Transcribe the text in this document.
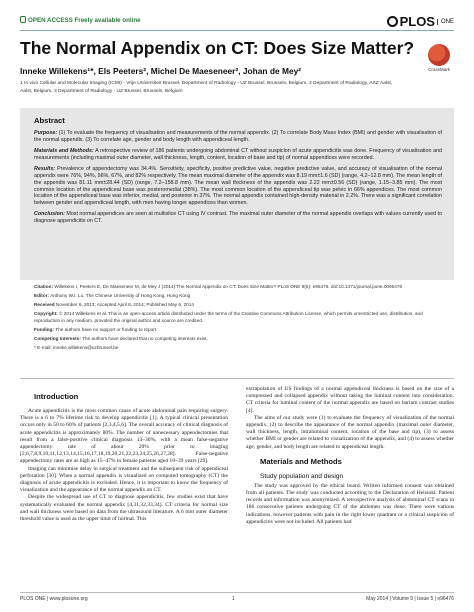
OPEN ACCESS Freely available online	PLOS $^{ONE}$
The Normal Appendix on CT: Does Size Matter?
CrossMark
Inneke Willekens¹*, Els Peeters², Michel De Maeseneer², Johan de Mey²
1 In vivo Cellular and Molecular Imaging (ICMI) - Vrije Universiteit Brussel, Department of Radiology - UZ Brussel, Brussels, Belgium, 2 Department of Radiology, ASZ Aalst,
Aalst, Belgium, 3 Department of Radiology - UZ Brussel, Brussels, Belgium
Abstract

Purpose: (1) To evaluate the frequency of visualisation and measurements of the normal appendix. (2) To correlate Body Mass Index (BMI) and gender with visualisation of the normal appendix. (3) To correlate age, gender and body length with appendiceal length.

Materials and Methods: A retrospective review of 186 patients undergoing abdominal CT without suspicion of acute appendicitis was done. Frequency of visualisation and measurements (including maximal outer diameter, wall thickness, length, content, location of base and tip) of normal appendices were recorded.

Results: Prevalence of appendectomy was 34.4%. Sensitivity, specificity, positive predictive value, negative predictive value, and accuracy of visualisation of the normal appendix were 76%, 94%, 96%, 67%, and 82% respectively. The mean maximal diameter of the appendix was 8.19 mm±1.6 (SD) (range, 4.2–12.8 mm). The mean length of the appendix was 81.11 mm±28.44 (SD) (range, 7.2–158.8 mm). The mean wall thickness of the appendix was 2.22 mm±0.56 (SD) (range, 1.15–3.85 mm). The most common location of the appendiceal base was posteromedial (38%). The most common location of the appendiceal tip was pelvic in 66% appendices. The most common location of the appendiceal base was inferior, medial, and posterior in 37%. The normal appendix contained high-density material in 2.2%. There was a significant correlation between gender and appendiceal length, with men having longer appendices than women.

Conclusion: Most normal appendices are seen at multislice CT using IV contrast. The maximal outer diameter of the normal appendix overlaps with values currently used to diagnose appendicitis on CT.

Citation: Willekens I, Peeters E, De Maeseneer M, de Mey J (2014) The Normal Appendix on CT: Does Size Matter? PLoS ONE 9(5): e96476. doi:10.1371/journal.pone.0096476

Editor: Anthony W.I. Lo, The Chinese University of Hong Kong, Hong Kong

Received November 6, 2013; Accepted April 8, 2014; Published May 6, 2014

Copyright: © 2014 Willekens et al. This is an open-access article distributed under the terms of the Creative Commons Attribution License, which permits unrestricted use, distribution, and reproduction in any medium, provided the original author and source are credited.

Funding: The authors have no support or funding to report.

Competing Interests: The authors have declared that no competing interests exist.

* E-mail: inneke.willekens@uzbrussel.be

Introduction

Acute appendicitis is the most common cause of acute abdominal pain requiring surgery. There is a 6 to 7% lifetime risk to develop appendicitis [1]. A typical clinical presentation occurs only in 50 to 60% of patients [2,3,4,5,6]. The overall accuracy of clinical diagnosis of acute appendicitis is approximately 80%. The number of unnecessary appendectomies that result from a false-positive clinical diagnosis 13–30%, with a mean false-negative appendectomy rate of about 20% prior to imaging [2,6,7,8,9,10,11,12,13,14,15,16,17,18,19,20,21,22,23,24,25,26,27,28]. False-negative appendectomy rates are as high as 15–47% in female patients aged 10–39 years [29].

Imaging can minimise delay in surgical treatment and the subsequent risk of appendiceal perforation [30]. When a normal appendix is visualized on computed tomography (CT) the diagnosis of acute appendicitis is excluded. Hence, it is important to know the frequency of visualization and the appearance of the normal appendix on CT.

Despite the widespread use of CT to diagnose appendicitis, few studies exist that have systematically evaluated the normal appendix [4,31,32,33,34]. CT criteria for normal size and wall thickness were based on data from the ultrasound literature. A 6 mm outer diameter threshold value is used as the upper limit of normal. This

extrapolation of US findings of a normal appendiceal thickness is based on the size of a compressed and collapsed appendix without taking the luminal content into consideration. CT criteria for luminal content of the normal appendix are based on barium contrast studies [4].

The aims of our study were (1) to evaluate the frequency of visualization of the normal appendix, (2) to describe the appearance of the normal appendix (maximal outer diameter, wall thickness, length, intraluminal content, location of the base and tip), (3) to assess whether BMI or gender are related to visualization of the appendix, and (4) to assess whether age, gender, and body length are related to appendiceal length.

Materials and Methods
Study population and design

The study was approved by the ethical board. Written informed consent was obtained from all patients. The study was conducted according to the Declaration of Helsinki. Patient records and information was anonymized. A retrospective analysis of abdominal CT scans in 186 consecutive patients undergoing CT of the abdomen was done. There were various indications, however patients with pain in the right lower quadrant or a clinical suspicion of appendicitis were not included. All patients had

PLOS ONE | www.plosone.org	1	May 2014 | Volume 9 | Issue 5 | e96476
